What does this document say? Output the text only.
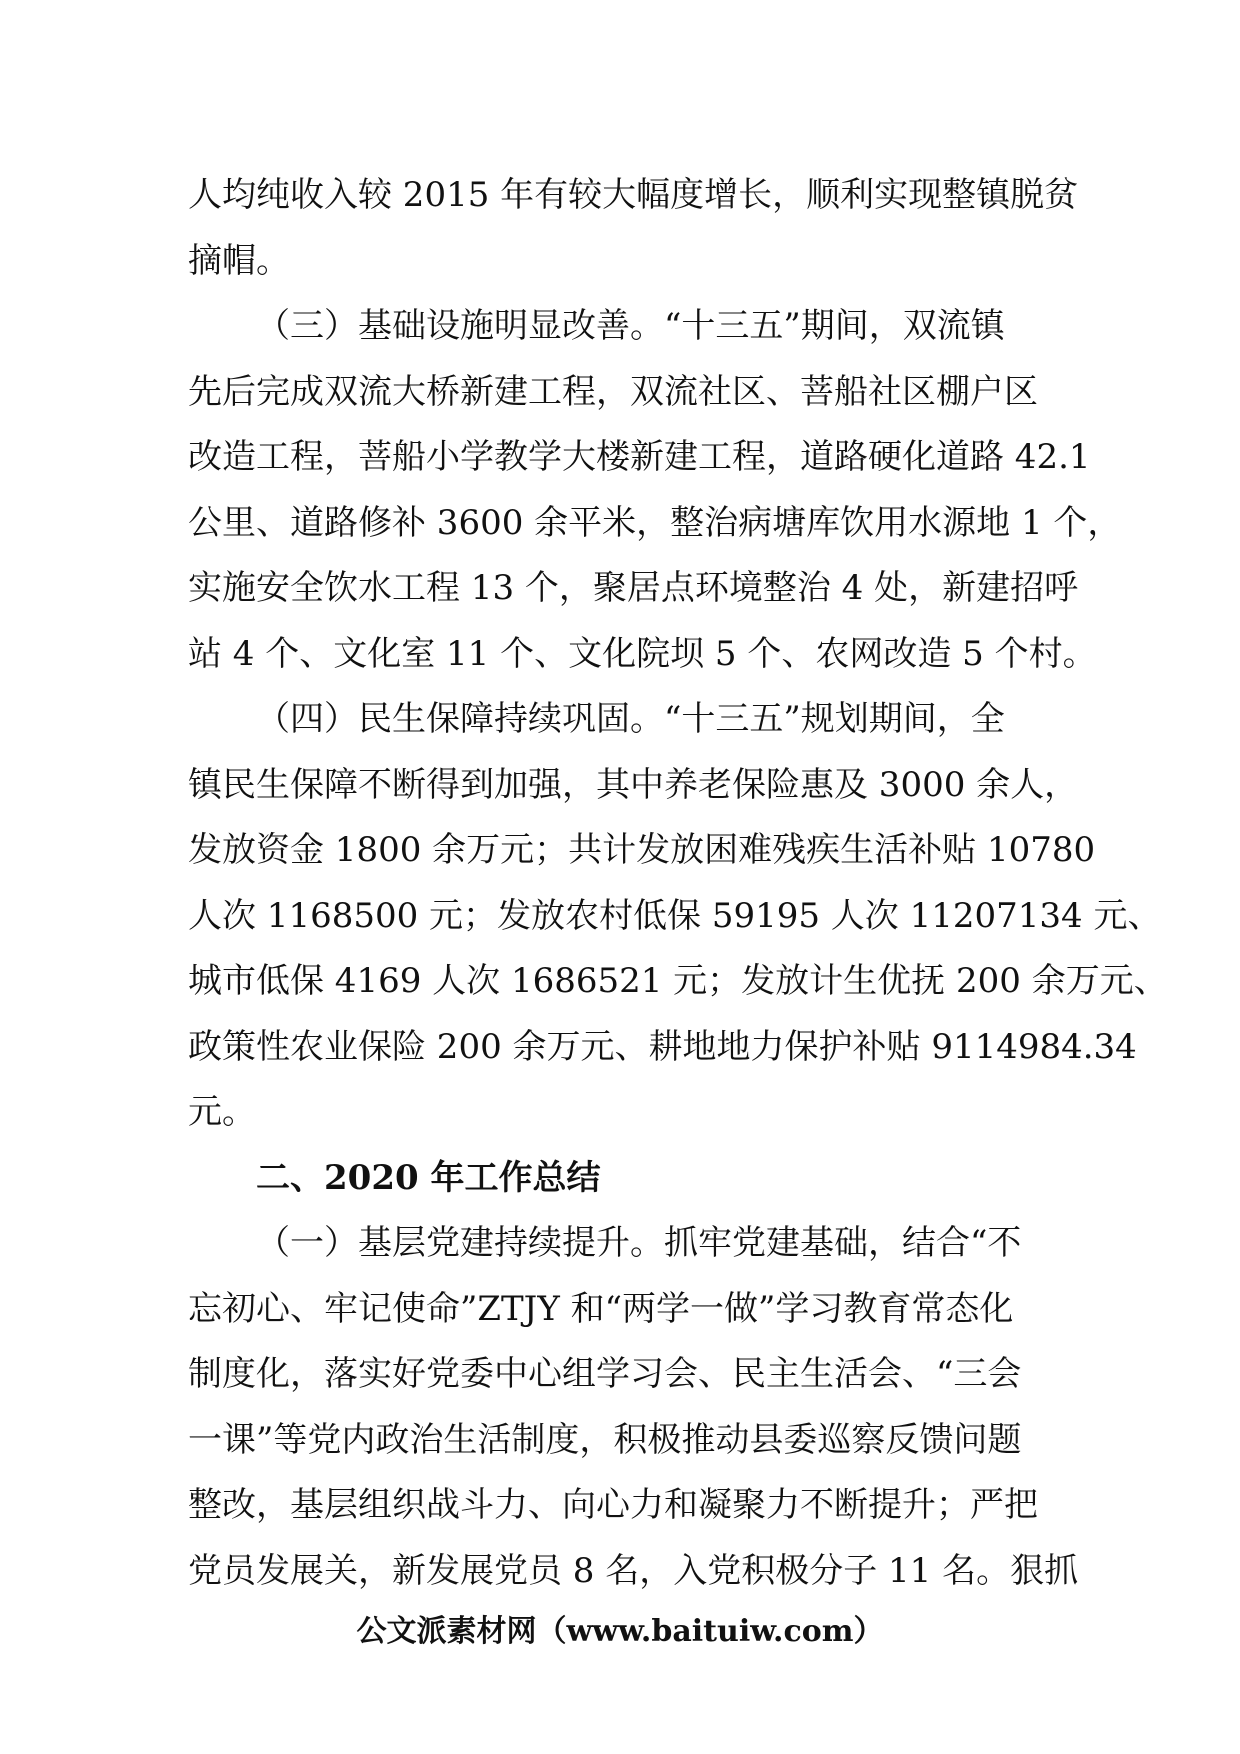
人均纯收入较 2015 年有较大幅度增长，顺利实现整镇脱贫
摘帽。
（三）基础设施明显改善。“十三五”期间，双流镇
先后完成双流大桥新建工程，双流社区、菩船社区棚户区
改造工程，菩船小学教学大楼新建工程，道路硬化道路 42.1
公里、道路修补 3600 余平米，整治病塘库饮用水源地 1 个，
实施安全饮水工程 13 个，聚居点环境整治 4 处，新建招呼
站 4 个、文化室 11 个、文化院坝 5 个、农网改造 5 个村。
（四）民生保障持续巩固。“十三五”规划期间，全
镇民生保障不断得到加强，其中养老保险惠及 3000 余人，
发放资金 1800 余万元；共计发放困难残疾生活补贴 10780
人次 1168500 元；发放农村低保 59195 人次 11207134 元、
城市低保 4169 人次 1686521 元；发放计生优抚 200 余万元、
政策性农业保险 200 余万元、耕地地力保护补贴 9114984.34
元。
二、2020 年工作总结
（一）基层党建持续提升。抓牢党建基础，结合“不
忘初心、牢记使命”ZTJY 和“两学一做”学习教育常态化
制度化，落实好党委中心组学习会、民主生活会、“三会
一课”等党内政治生活制度，积极推动县委巡察反馈问题
整改，基层组织战斗力、向心力和凝聚力不断提升；严把
党员发展关，新发展党员 8 名，入党积极分子 11 名。狠抓
公文派素材网（www.baituiw.com）
